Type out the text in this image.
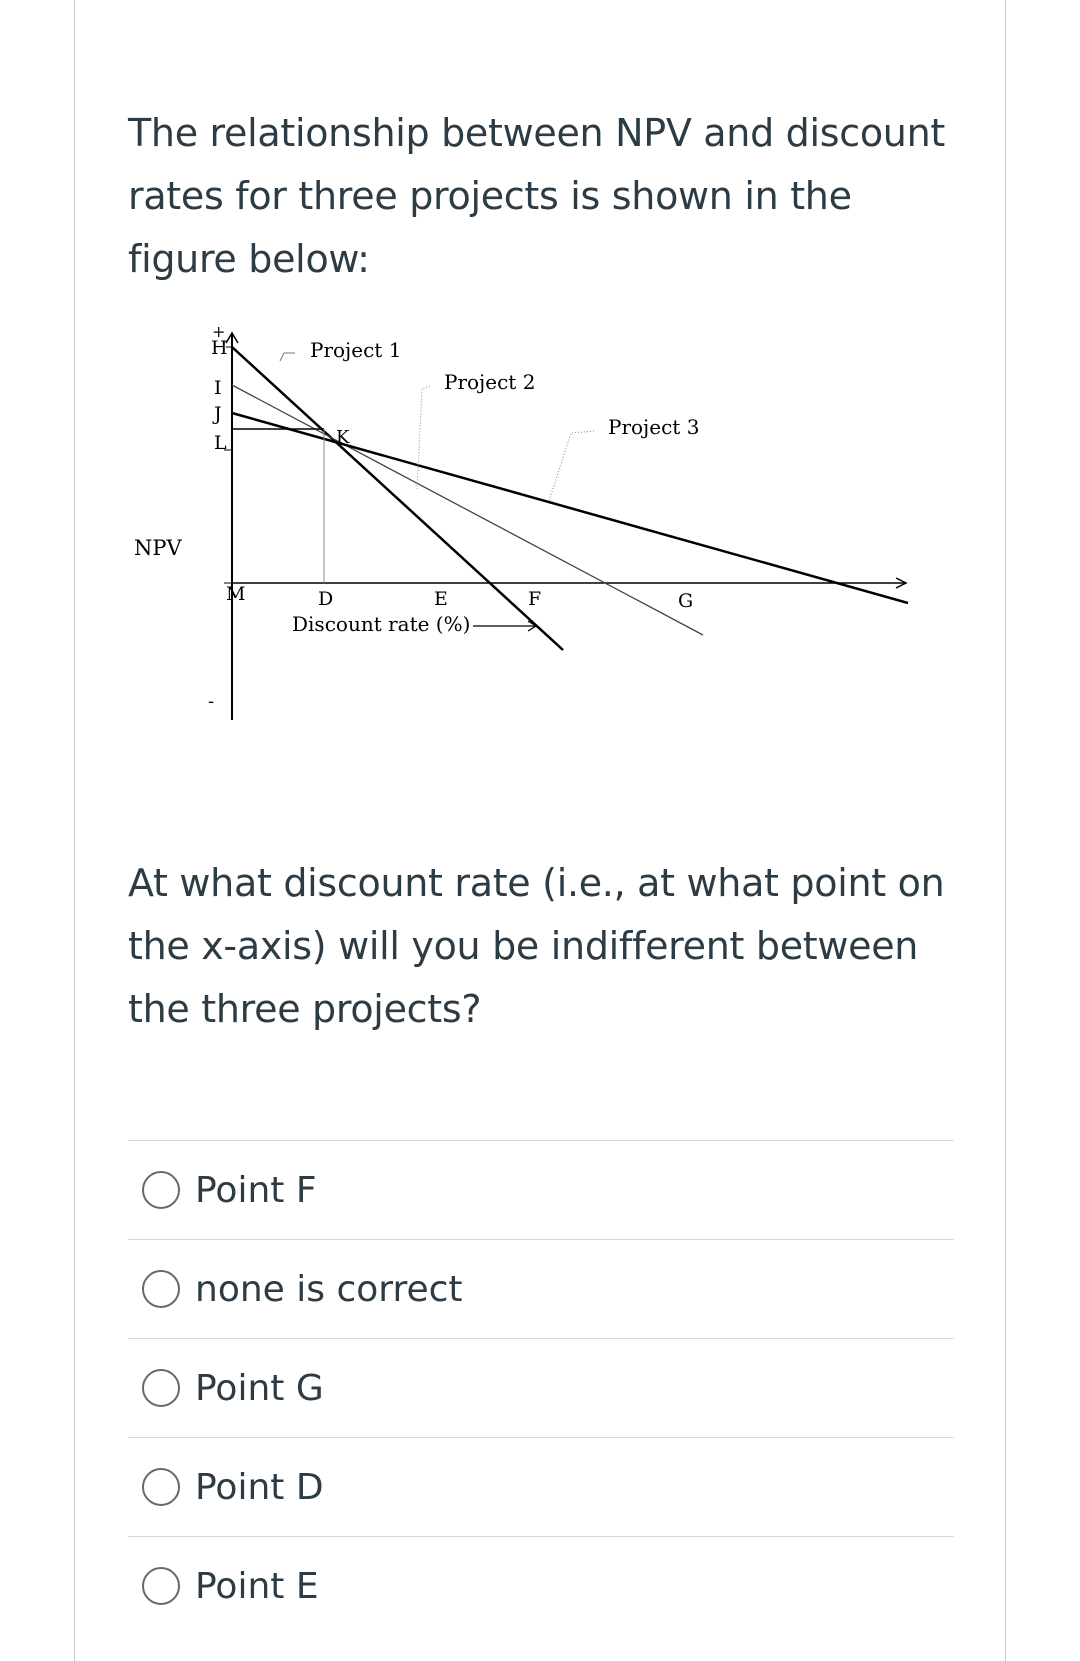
The relationship between NPV and discount rates for three projects is shown in the figure below:
+
-
NPV
H
I
J
L	K
M	D	E	F	G
Discount rate (%)
Project 1
Project 2
Project 3
At what discount rate (i.e., at what point on the x-axis) will you be indifferent between the three projects?
Point F
none is correct
Point G
Point D
Point E
